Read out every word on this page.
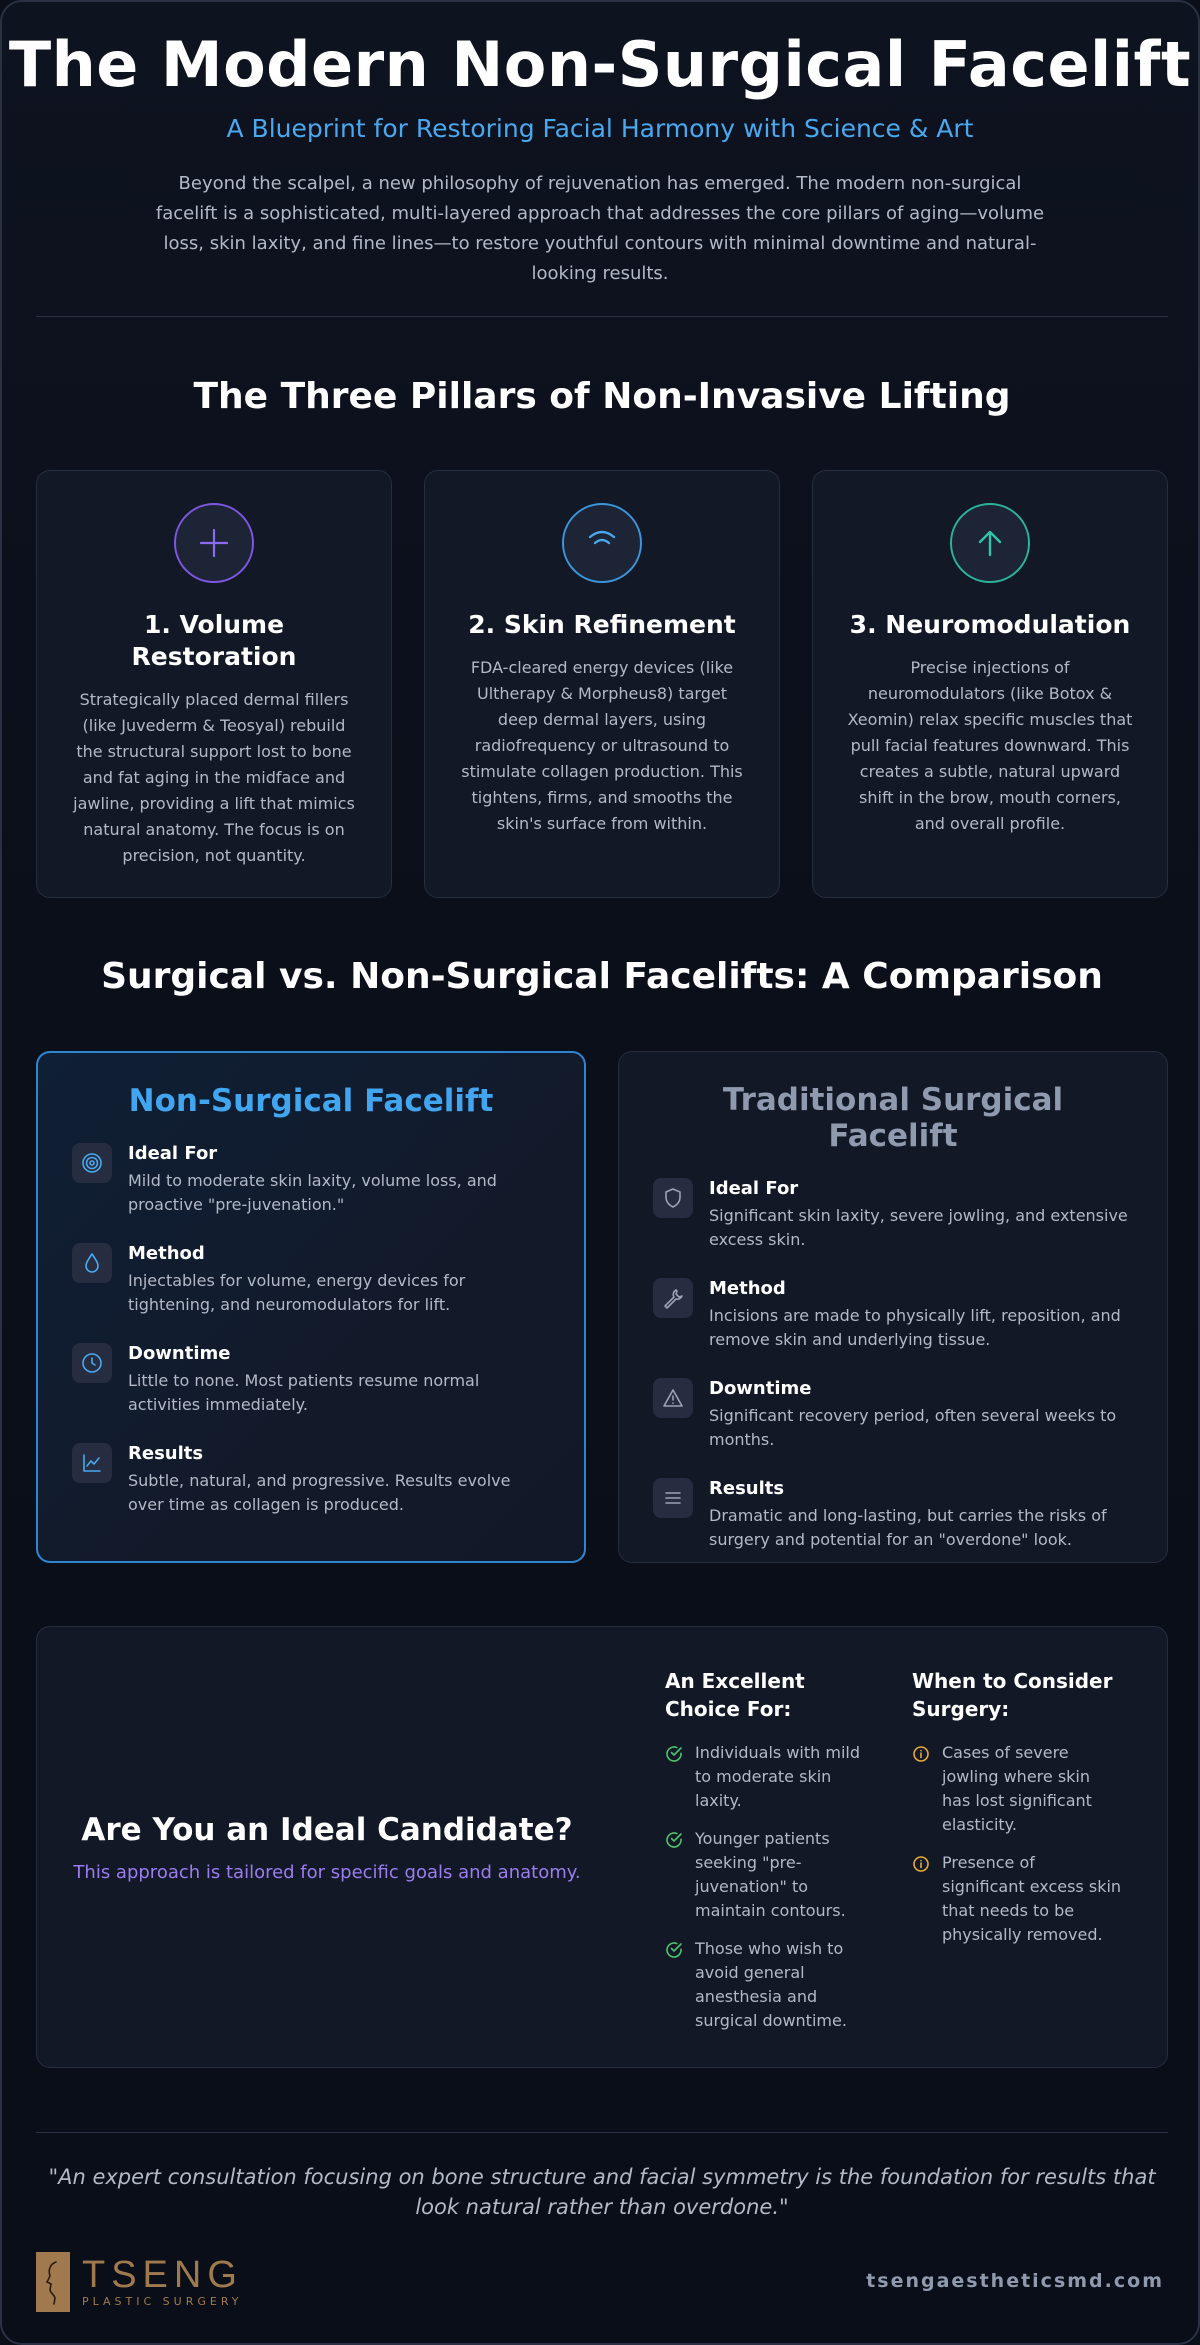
The Modern Non-Surgical Facelift
A Blueprint for Restoring Facial Harmony with Science & Art

Beyond the scalpel, a new philosophy of rejuvenation has emerged. The modern non-surgical facelift is a sophisticated, multi-layered approach that addresses the core pillars of aging—volume loss, skin laxity, and fine lines—to restore youthful contours with minimal downtime and natural-looking results.

The Three Pillars of Non-Invasive Lifting
1. Volume Restoration

Strategically placed dermal fillers (like Juvederm & Teosyal) rebuild the structural support lost to bone and fat aging in the midface and jawline, providing a lift that mimics natural anatomy. The focus is on precision, not quantity.

2. Skin Refinement

FDA-cleared energy devices (like Ultherapy & Morpheus8) target deep dermal layers, using radiofrequency or ultrasound to stimulate collagen production. This tightens, firms, and smooths the skin's surface from within.

3. Neuromodulation

Precise injections of neuromodulators (like Botox & Xeomin) relax specific muscles that pull facial features downward. This creates a subtle, natural upward shift in the brow, mouth corners, and overall profile.

Surgical vs. Non-Surgical Facelifts: A Comparison
Non-Surgical Facelift
Ideal For
Mild to moderate skin laxity, volume loss, and proactive "pre-juvenation."
Method
Injectables for volume, energy devices for tightening, and neuromodulators for lift.
Downtime
Little to none. Most patients resume normal activities immediately.
Results
Subtle, natural, and progressive. Results evolve over time as collagen is produced.
Traditional Surgical Facelift
Ideal For
Significant skin laxity, severe jowling, and extensive excess skin.
Method
Incisions are made to physically lift, reposition, and remove skin and underlying tissue.
Downtime
Significant recovery period, often several weeks to months.
Results
Dramatic and long-lasting, but carries the risks of surgery and potential for an "overdone" look.
Are You an Ideal Candidate?
This approach is tailored for specific goals and anatomy.
An Excellent Choice For:
Individuals with mild to moderate skin laxity.
Younger patients seeking "pre-juvenation" to maintain contours.
Those who wish to avoid general anesthesia and surgical downtime.
When to Consider Surgery:
Cases of severe jowling where skin has lost significant elasticity.
Presence of significant excess skin that needs to be physically removed.

"An expert consultation focusing on bone structure and facial symmetry is the foundation for results that look natural rather than overdone."

TSENG
PLASTIC SURGERY
tsengaestheticsmd.com
